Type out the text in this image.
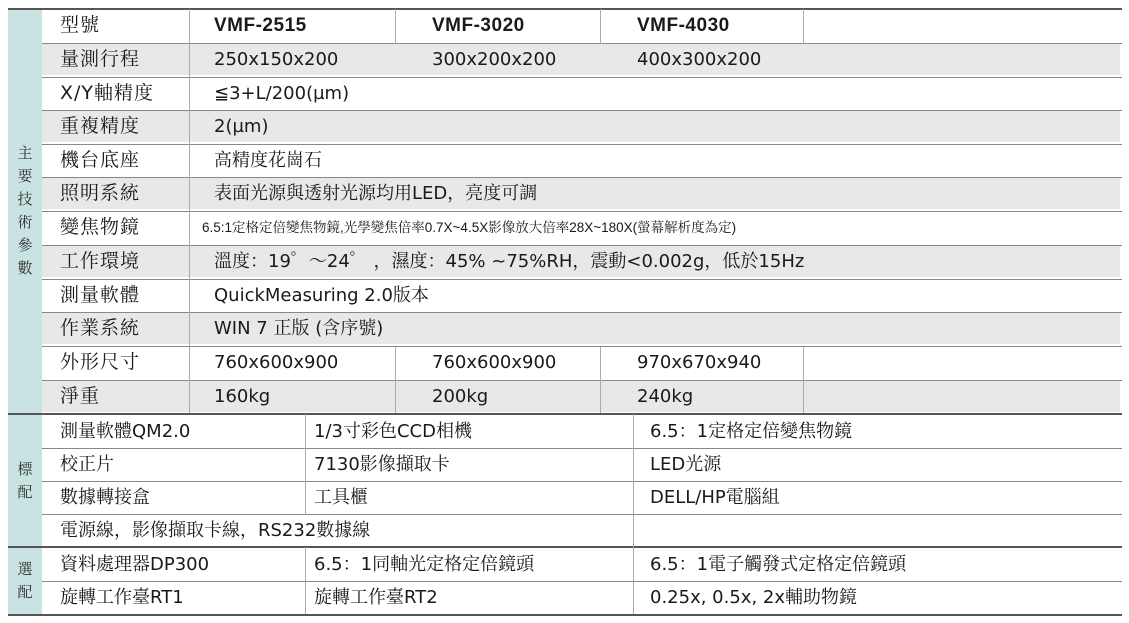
主
要
技
術
參
數
標
配
選
配
型號	VMF-2515	VMF-3020	VMF-4030
量測行程	250x150x200	300x200x200	400x300x200
X/Y軸精度	≦3+L/200(µm)
重複精度	2(µm)
機台底座	高精度花崗石
照明系統	表面光源與透射光源均用LED，亮度可調
變焦物鏡	6.5:1定格定倍變焦物鏡,光學變焦倍率0.7X~4.5X影像放大倍率28X~180X(螢幕解析度為定)
工作環境	溫度：19゜～24゜ ，濕度：45% ~75%RH，震動<0.002g，低於15Hz
測量軟體	QuickMeasuring 2.0版本
作業系統	WIN 7 正版 (含序號)
外形尺寸	760x600x900	760x600x900	970x670x940
淨重	160kg	200kg	240kg
測量軟體QM2.0	1/3寸彩色CCD相機	6.5：1定格定倍變焦物鏡
校正片	7130影像擷取卡	LED光源
數據轉接盒	工具櫃	DELL/HP電腦組
電源線，影像擷取卡線，RS232數據線
資料處理器DP300	6.5：1同軸光定格定倍鏡頭	6.5：1電子觸發式定格定倍鏡頭
旋轉工作臺RT1	旋轉工作臺RT2	0.25x, 0.5x, 2x輔助物鏡
